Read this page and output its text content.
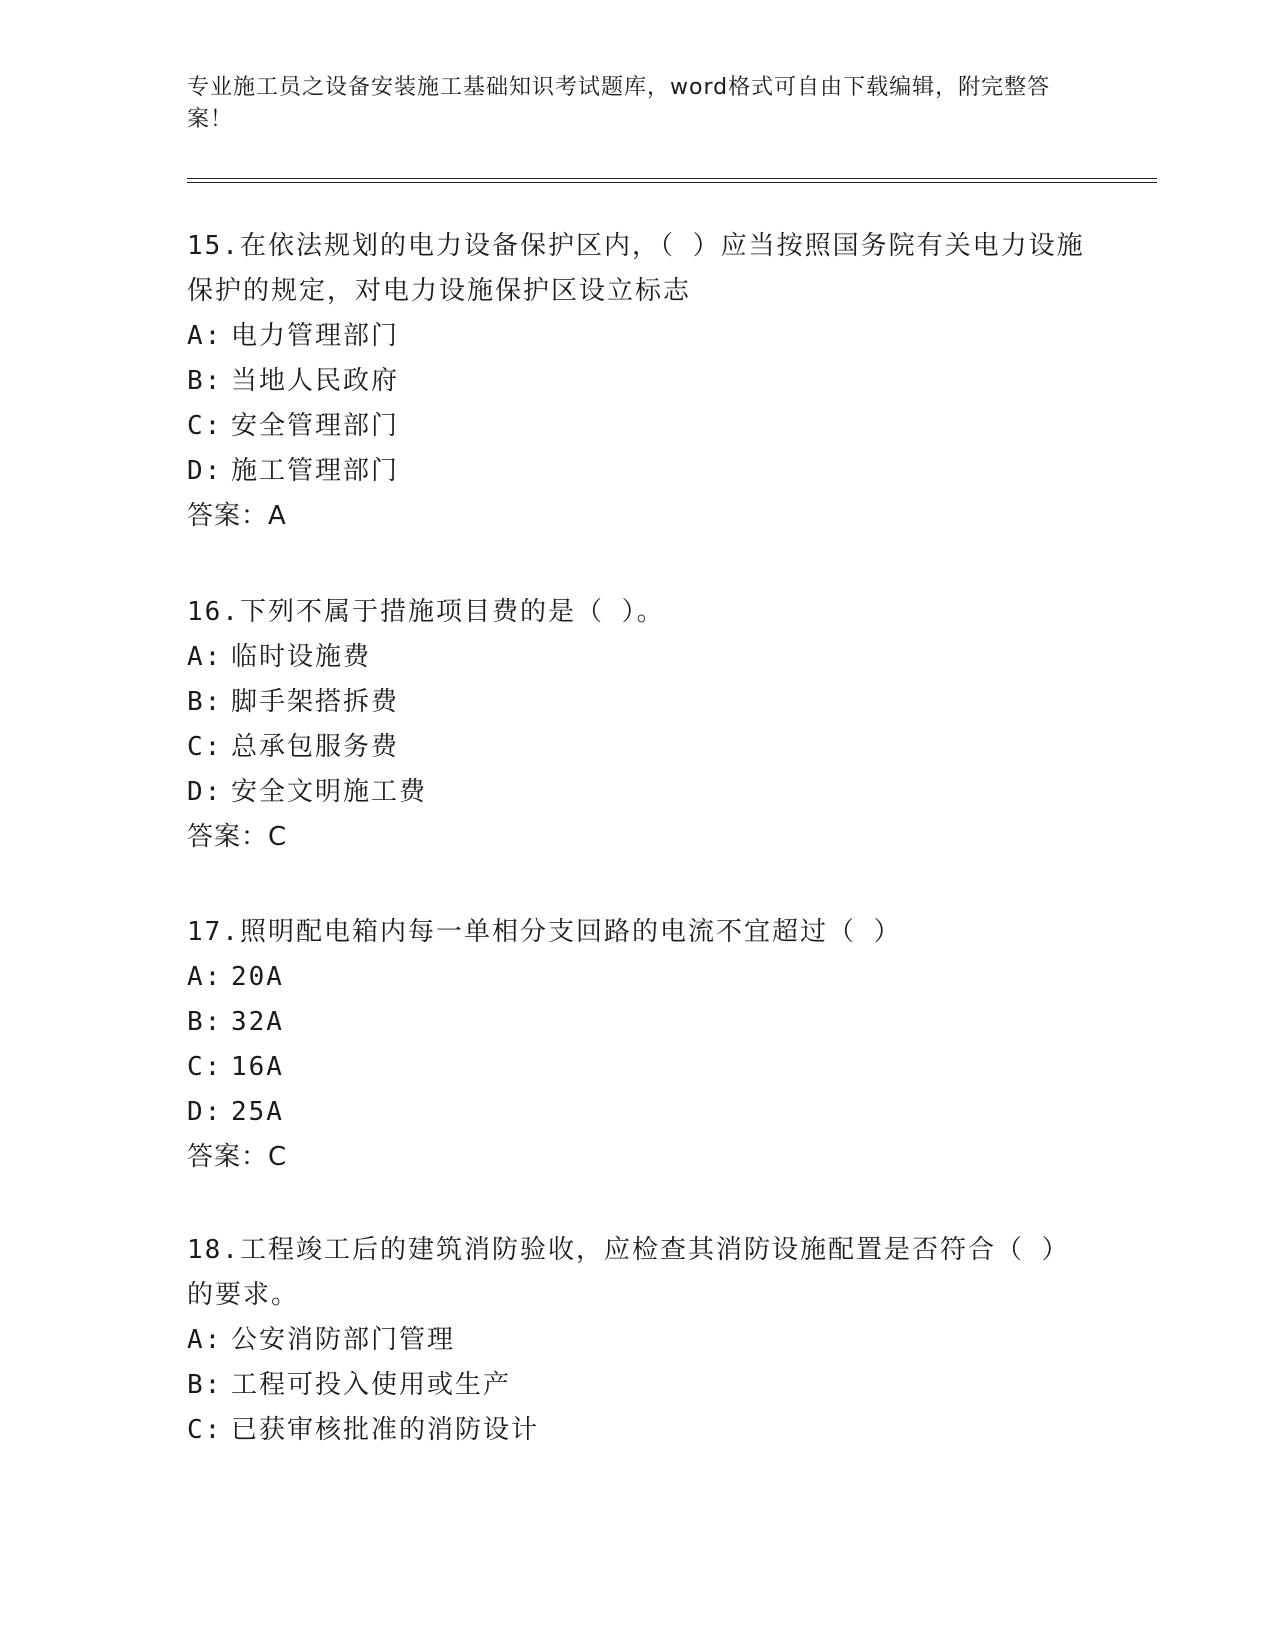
专业施工员之设备安装施工基础知识考试题库，word格式可自由下载编辑，附完整答案！

15.在依法规划的电力设备保护区内，（ ）应当按照国务院有关电力设施保护的规定，对电力设施保护区设立标志

A: 电力管理部门

B: 当地人民政府

C: 安全管理部门

D: 施工管理部门

答案：A

16.下列不属于措施项目费的是（ ）。

A: 临时设施费

B: 脚手架搭拆费

C: 总承包服务费

D: 安全文明施工费

答案：C

17.照明配电箱内每一单相分支回路的电流不宜超过（ ）

A: 20A

B: 32A

C: 16A

D: 25A

答案：C

18.工程竣工后的建筑消防验收，应检查其消防设施配置是否符合（ ）的要求。

A: 公安消防部门管理

B: 工程可投入使用或生产

C: 已获审核批准的消防设计
